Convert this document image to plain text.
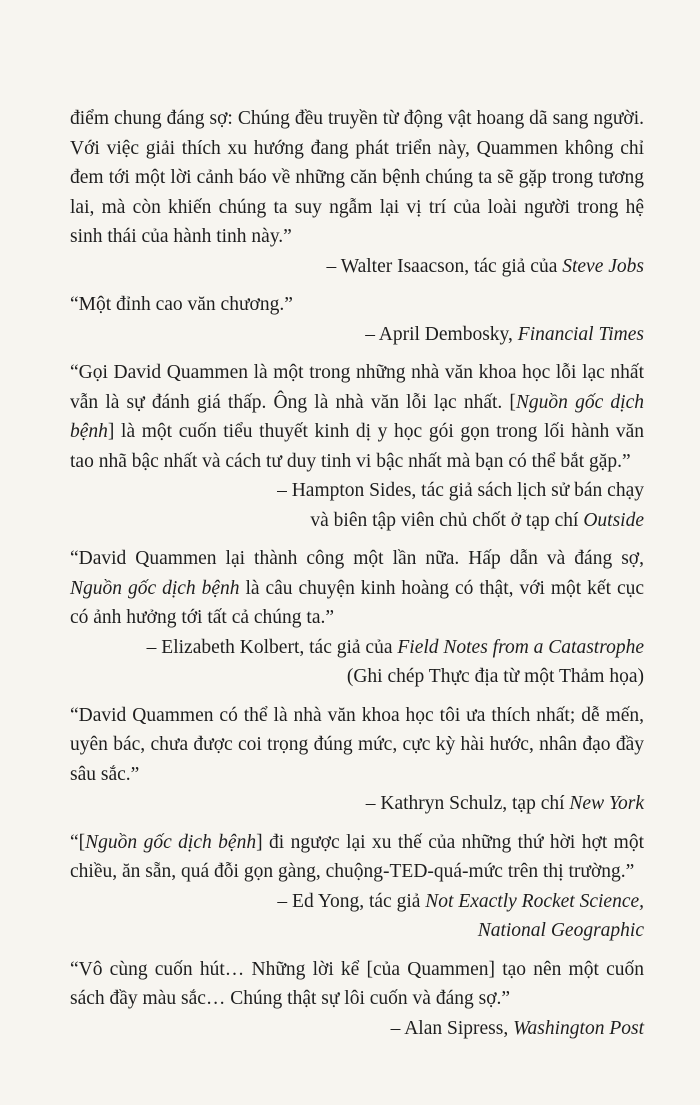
điểm chung đáng sợ: Chúng đều truyền từ động vật hoang dã sang người. Với việc giải thích xu hướng đang phát triển này, Quammen không chỉ đem tới một lời cảnh báo về những căn bệnh chúng ta sẽ gặp trong tương lai, mà còn khiến chúng ta suy ngẫm lại vị trí của loài người trong hệ sinh thái của hành tinh này.”

– Walter Isaacson, tác giả của Steve Jobs

“Một đỉnh cao văn chương.”

– April Dembosky, Financial Times

“Gọi David Quammen là một trong những nhà văn khoa học lỗi lạc nhất vẫn là sự đánh giá thấp. Ông là nhà văn lỗi lạc nhất. [Nguồn gốc dịch bệnh] là một cuốn tiểu thuyết kinh dị y học gói gọn trong lối hành văn tao nhã bậc nhất và cách tư duy tinh vi bậc nhất mà bạn có thể bắt gặp.”

– Hampton Sides, tác giả sách lịch sử bán chạy

và biên tập viên chủ chốt ở tạp chí Outside

“David Quammen lại thành công một lần nữa. Hấp dẫn và đáng sợ, Nguồn gốc dịch bệnh là câu chuyện kinh hoàng có thật, với một kết cục có ảnh hưởng tới tất cả chúng ta.”

– Elizabeth Kolbert, tác giả của Field Notes from a Catastrophe

(Ghi chép Thực địa từ một Thảm họa)

“David Quammen có thể là nhà văn khoa học tôi ưa thích nhất; dễ mến, uyên bác, chưa được coi trọng đúng mức, cực kỳ hài hước, nhân đạo đầy sâu sắc.”

– Kathryn Schulz, tạp chí New York

“[Nguồn gốc dịch bệnh] đi ngược lại xu thế của những thứ hời hợt một chiều, ăn sẵn, quá đỗi gọn gàng, chuộng-TED-quá-mức trên thị trường.”

– Ed Yong, tác giả Not Exactly Rocket Science,

National Geographic

“Vô cùng cuốn hút… Những lời kể [của Quammen] tạo nên một cuốn sách đầy màu sắc… Chúng thật sự lôi cuốn và đáng sợ.”

– Alan Sipress, Washington Post
